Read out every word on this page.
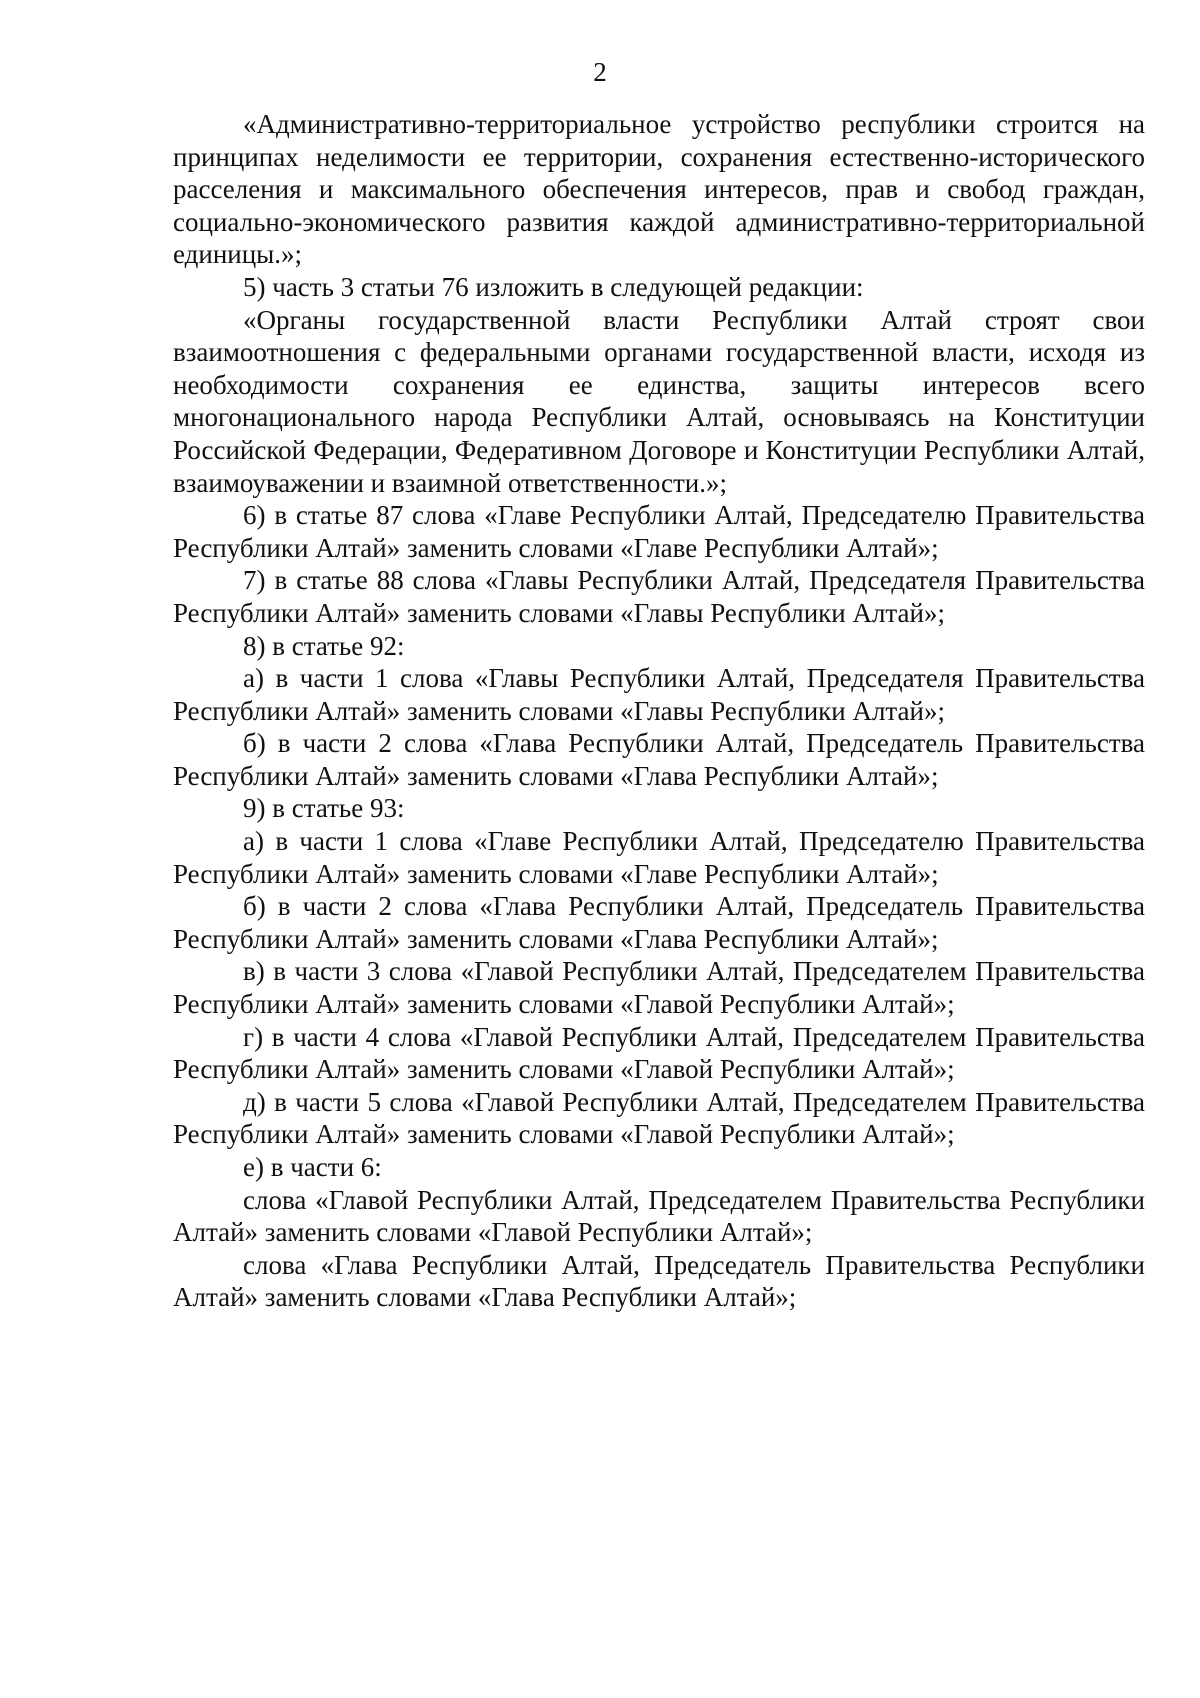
2

«Административно-территориальное устройство республики строится на принципах неделимости ее территории, сохранения естественно-исторического расселения и максимального обеспечения интересов, прав и свобод граждан, социально-экономического развития каждой административно-территориальной единицы.»;

5) часть 3 статьи 76 изложить в следующей редакции:

«Органы государственной власти Республики Алтай строят свои взаимоотношения с федеральными органами государственной власти, исходя из необходимости сохранения ее единства, защиты интересов всего многонационального народа Республики Алтай, основываясь на Конституции Российской Федерации, Федеративном Договоре и Конституции Республики Алтай, взаимоуважении и взаимной ответственности.»;

6) в статье 87 слова «Главе Республики Алтай, Председателю Правительства Республики Алтай» заменить словами «Главе Республики Алтай»;

7) в статье 88 слова «Главы Республики Алтай, Председателя Правительства Республики Алтай» заменить словами «Главы Республики Алтай»;

8) в статье 92:

а) в части 1 слова «Главы Республики Алтай, Председателя Правительства Республики Алтай» заменить словами «Главы Республики Алтай»;

б) в части 2 слова «Глава Республики Алтай, Председатель Правительства Республики Алтай» заменить словами «Глава Республики Алтай»;

9) в статье 93:

а) в части 1 слова «Главе Республики Алтай, Председателю Правительства Республики Алтай» заменить словами «Главе Республики Алтай»;

б) в части 2 слова «Глава Республики Алтай, Председатель Правительства Республики Алтай» заменить словами «Глава Республики Алтай»;

в) в части 3 слова «Главой Республики Алтай, Председателем Правительства Республики Алтай» заменить словами «Главой Республики Алтай»;

г) в части 4 слова «Главой Республики Алтай, Председателем Правительства Республики Алтай» заменить словами «Главой Республики Алтай»;

д) в части 5 слова «Главой Республики Алтай, Председателем Правительства Республики Алтай» заменить словами «Главой Республики Алтай»;

е) в части 6:

слова «Главой Республики Алтай, Председателем Правительства Республики Алтай» заменить словами «Главой Республики Алтай»;

слова «Глава Республики Алтай, Председатель Правительства Республики Алтай» заменить словами «Глава Республики Алтай»;
